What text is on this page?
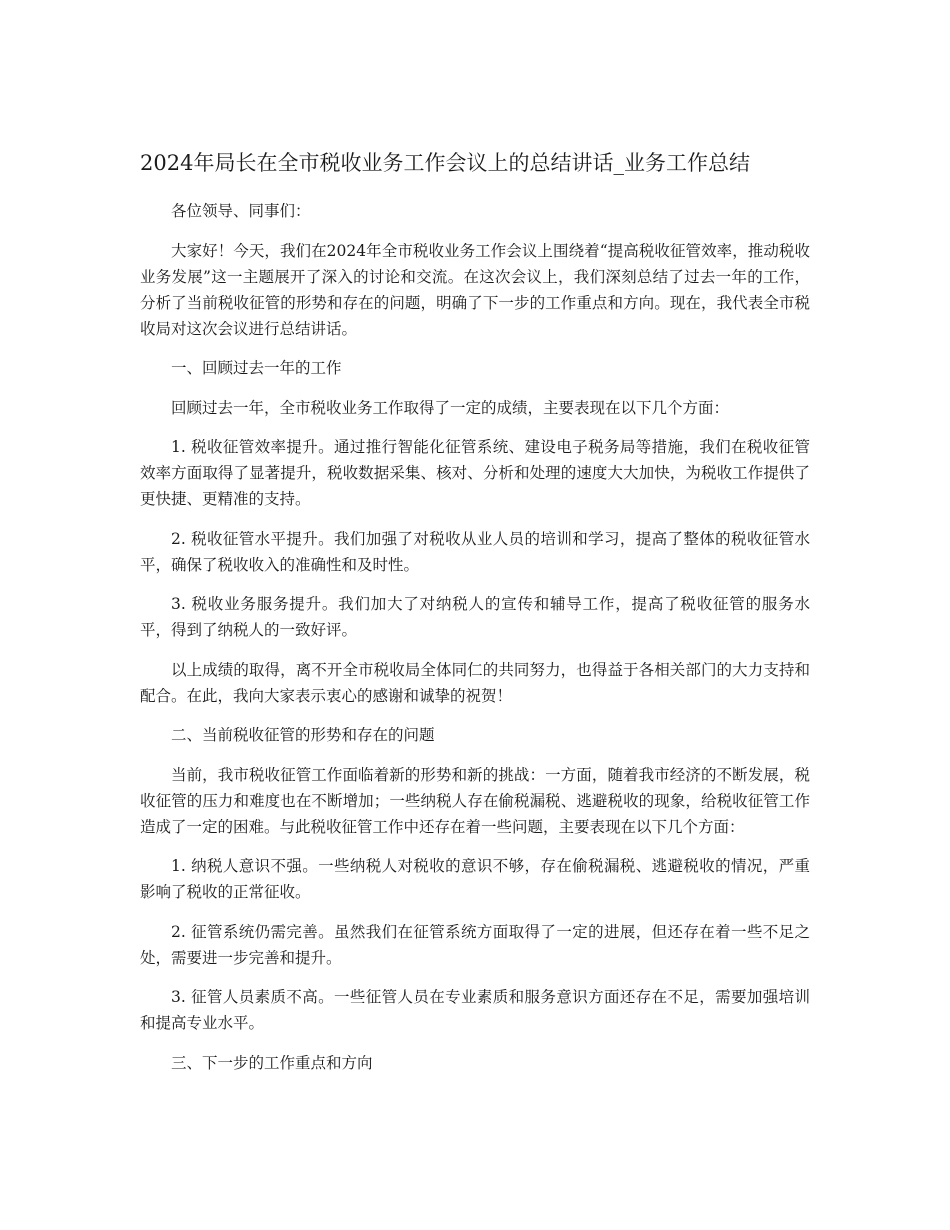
2024年局长在全市税收业务工作会议上的总结讲话_业务工作总结

各位领导、同事们：

大家好！今天，我们在2024年全市税收业务工作会议上围绕着“提高税收征管效率，推动税收业务发展”这一主题展开了深入的讨论和交流。在这次会议上，我们深刻总结了过去一年的工作，分析了当前税收征管的形势和存在的问题，明确了下一步的工作重点和方向。现在，我代表全市税收局对这次会议进行总结讲话。

一、回顾过去一年的工作

回顾过去一年，全市税收业务工作取得了一定的成绩，主要表现在以下几个方面：

1. 税收征管效率提升。通过推行智能化征管系统、建设电子税务局等措施，我们在税收征管效率方面取得了显著提升，税收数据采集、核对、分析和处理的速度大大加快，为税收工作提供了更快捷、更精准的支持。

2. 税收征管水平提升。我们加强了对税收从业人员的培训和学习，提高了整体的税收征管水平，确保了税收收入的准确性和及时性。

3. 税收业务服务提升。我们加大了对纳税人的宣传和辅导工作，提高了税收征管的服务水平，得到了纳税人的一致好评。

以上成绩的取得，离不开全市税收局全体同仁的共同努力，也得益于各相关部门的大力支持和配合。在此，我向大家表示衷心的感谢和诚挚的祝贺！

二、当前税收征管的形势和存在的问题

当前，我市税收征管工作面临着新的形势和新的挑战：一方面，随着我市经济的不断发展，税收征管的压力和难度也在不断增加；一些纳税人存在偷税漏税、逃避税收的现象，给税收征管工作造成了一定的困难。与此税收征管工作中还存在着一些问题，主要表现在以下几个方面：

1. 纳税人意识不强。一些纳税人对税收的意识不够，存在偷税漏税、逃避税收的情况，严重影响了税收的正常征收。

2. 征管系统仍需完善。虽然我们在征管系统方面取得了一定的进展，但还存在着一些不足之处，需要进一步完善和提升。

3. 征管人员素质不高。一些征管人员在专业素质和服务意识方面还存在不足，需要加强培训和提高专业水平。

三、下一步的工作重点和方向
